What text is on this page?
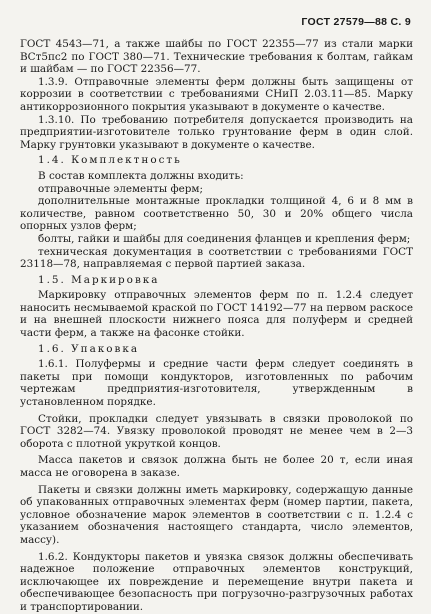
ГОСТ 27579—88 С. 9

ГОСТ 4543—71, а также шайбы по ГОСТ 22355—77 из стали марки ВСт5пс2 по ГОСТ 380—71. Технические требования к болтам, гайкам и шайбам — по ГОСТ 22356—77.

1.3.9. Отправочные элементы ферм должны быть защищены от коррозии в соответствии с требованиями СНиП 2.03.11—85. Марку антикоррозионного покрытия указывают в документе о качестве.

1.3.10. По требованию потребителя допускается производить на предприятии-изготовителе только грунтование ферм в один слой. Марку грунтовки указывают в документе о качестве.

1.4. Комплектность

В состав комплекта должны входить:

отправочные элементы ферм;

дополнительные монтажные прокладки толщиной 4, 6 и 8 мм в количестве, равном соответственно 50, 30 и 20% общего числа опорных узлов ферм;

болты, гайки и шайбы для соединения фланцев и крепления ферм;

техническая документация в соответствии с требованиями ГОСТ 23118—78, направляемая с первой партией заказа.

1.5. Маркировка

Маркировку отправочных элементов ферм по п. 1.2.4 следует наносить несмываемой краской по ГОСТ 14192—77 на первом раскосе и на внешней плоскости нижнего пояса для полуферм и средней части ферм, а также на фасонке стойки.

1.6. Упаковка

1.6.1. Полуфермы и средние части ферм следует соединять в пакеты при помощи кондукторов, изготовленных по рабочим чертежам предприятия-изготовителя, утвержденным в установленном порядке.

Стойки, прокладки следует увязывать в связки проволокой по ГОСТ 3282—74. Увязку проволокой проводят не менее чем в 2—3 оборота с плотной укруткой концов.

Масса пакетов и связок должна быть не более 20 т, если иная масса не оговорена в заказе.

Пакеты и связки должны иметь маркировку, содержащую данные об упакованных отправочных элементах ферм (номер партии, пакета, условное обозначение марок элементов в соответствии с п. 1.2.4 с указанием обозначения настоящего стандарта, число элементов, массу).

1.6.2. Кондукторы пакетов и увязка связок должны обеспечивать надежное положение отправочных элементов конструкций, исключающее их повреждение и перемещение внутри пакета и обеспечивающее безопасность при погрузочно-разгрузочных работах и транспортировании.
